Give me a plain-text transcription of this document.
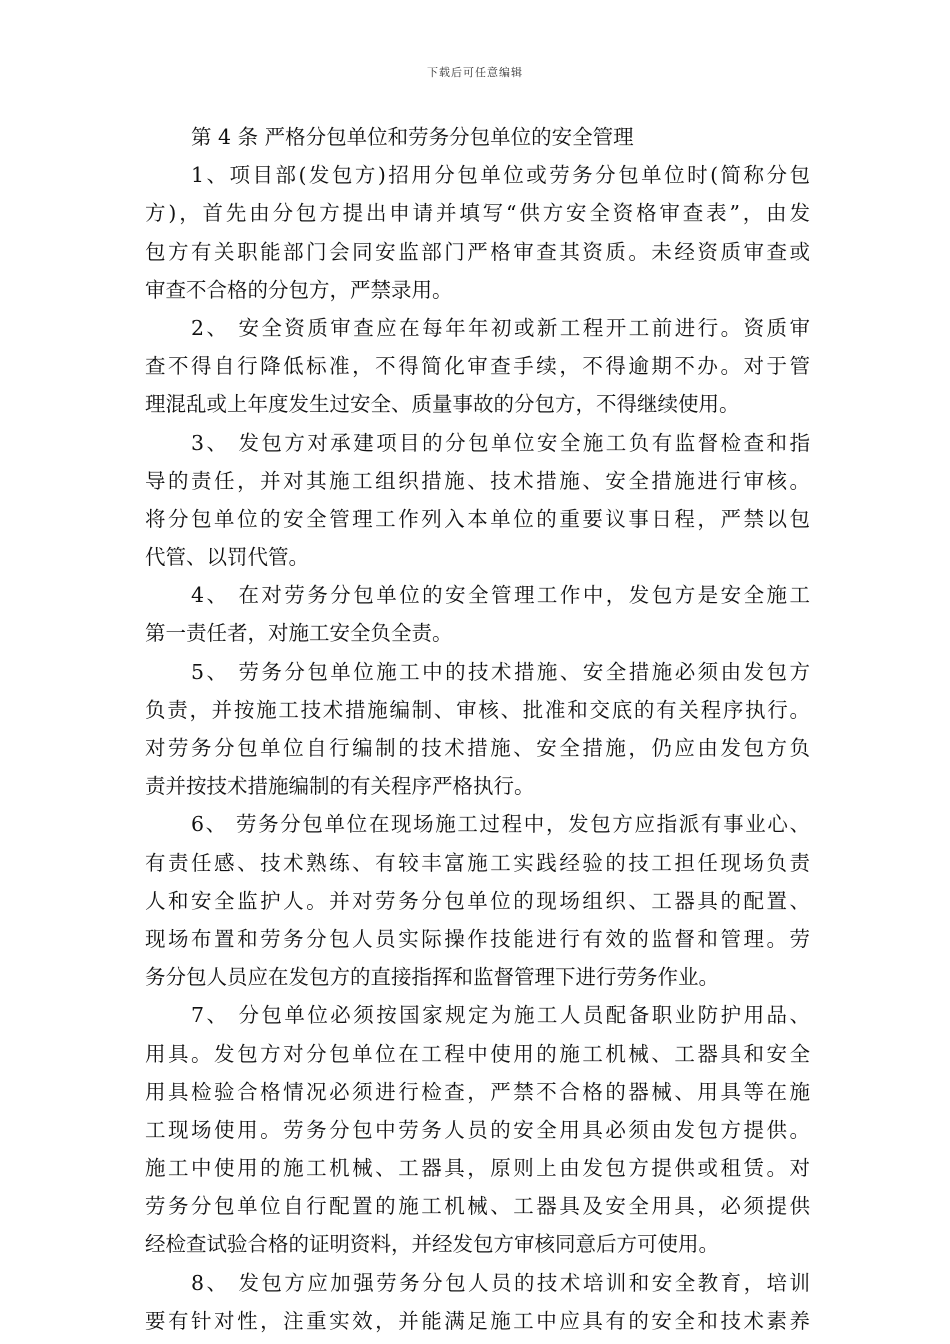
下载后可任意编辑
第 4 条 严格分包单位和劳务分包单位的安全管理
1、项目部(发包方)招用分包单位或劳务分包单位时(简称分包
方)，首先由分包方提出申请并填写“供方安全资格审查表”，由发
包方有关职能部门会同安监部门严格审查其资质。未经资质审查或
审查不合格的分包方，严禁录用。
2、 安全资质审查应在每年年初或新工程开工前进行。资质审
查不得自行降低标准，不得简化审查手续，不得逾期不办。对于管
理混乱或上年度发生过安全、质量事故的分包方，不得继续使用。
3、 发包方对承建项目的分包单位安全施工负有监督检查和指
导的责任，并对其施工组织措施、技术措施、安全措施进行审核。
将分包单位的安全管理工作列入本单位的重要议事日程，严禁以包
代管、以罚代管。
4、 在对劳务分包单位的安全管理工作中，发包方是安全施工
第一责任者，对施工安全负全责。
5、 劳务分包单位施工中的技术措施、安全措施必须由发包方
负责，并按施工技术措施编制、审核、批准和交底的有关程序执行。
对劳务分包单位自行编制的技术措施、安全措施，仍应由发包方负
责并按技术措施编制的有关程序严格执行。
6、 劳务分包单位在现场施工过程中，发包方应指派有事业心、
有责任感、技术熟练、有较丰富施工实践经验的技工担任现场负责
人和安全监护人。并对劳务分包单位的现场组织、工器具的配置、
现场布置和劳务分包人员实际操作技能进行有效的监督和管理。劳
务分包人员应在发包方的直接指挥和监督管理下进行劳务作业。
7、 分包单位必须按国家规定为施工人员配备职业防护用品、
用具。发包方对分包单位在工程中使用的施工机械、工器具和安全
用具检验合格情况必须进行检查，严禁不合格的器械、用具等在施
工现场使用。劳务分包中劳务人员的安全用具必须由发包方提供。
施工中使用的施工机械、工器具，原则上由发包方提供或租赁。对
劳务分包单位自行配置的施工机械、工器具及安全用具，必须提供
经检查试验合格的证明资料，并经发包方审核同意后方可使用。
8、 发包方应加强劳务分包人员的技术培训和安全教育，培训
要有针对性，注重实效，并能满足施工中应具有的安全和技术素养
